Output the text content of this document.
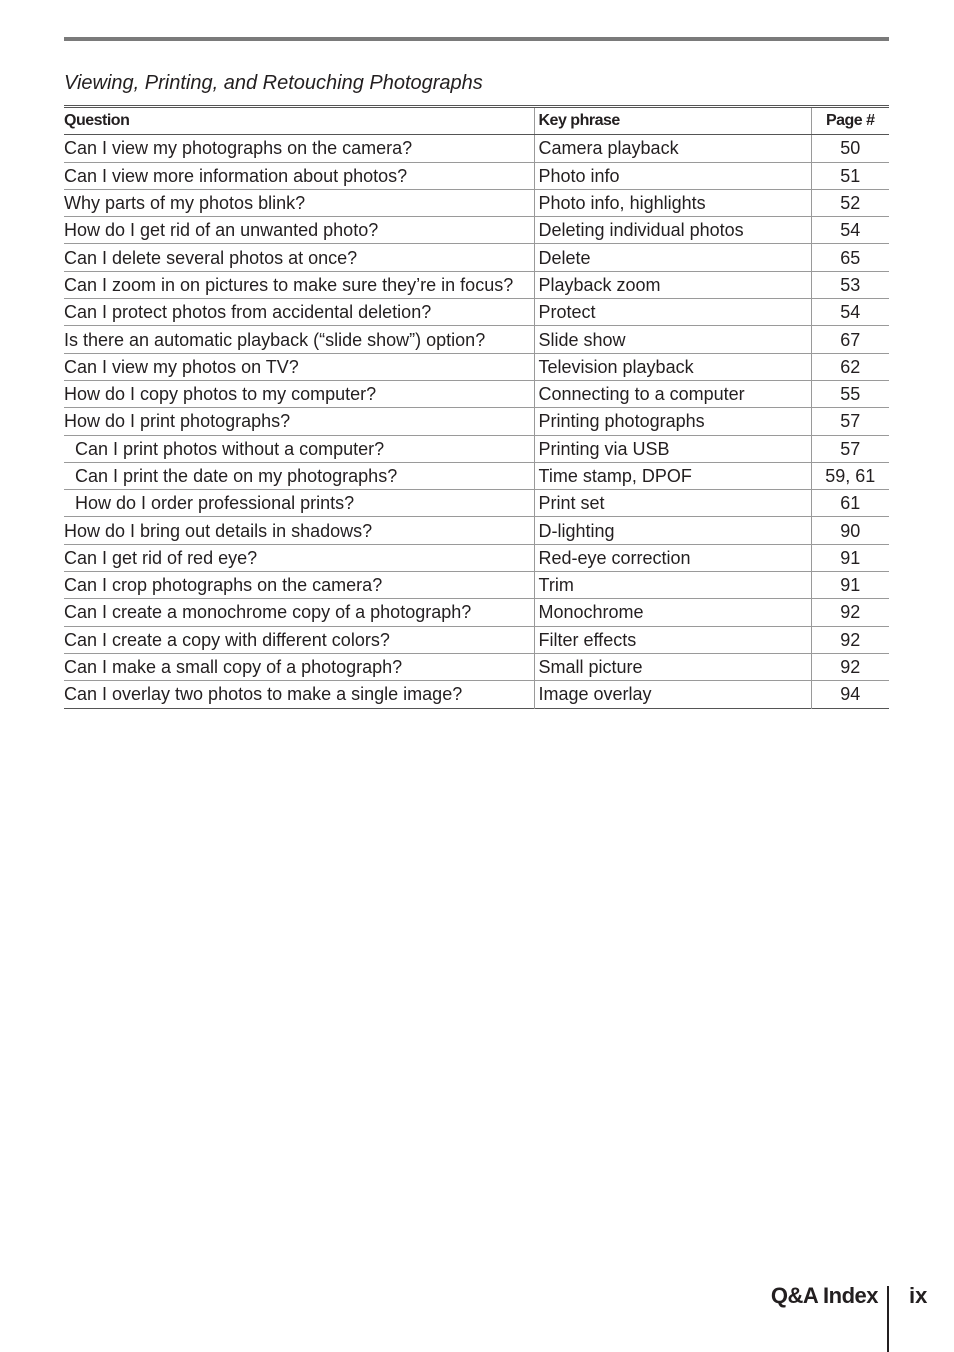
Viewing, Printing, and Retouching Photographs
Question	Key phrase	Page #
Can I view my photographs on the camera?	Camera playback	50
Can I view more information about photos?	Photo info	51
Why parts of my photos blink?	Photo info, highlights	52
How do I get rid of an unwanted photo?	Deleting individual photos	54
Can I delete several photos at once?	Delete	65
Can I zoom in on pictures to make sure they’re in focus?	Playback zoom	53
Can I protect photos from accidental deletion?	Protect	54
Is there an automatic playback (“slide show”) option?	Slide show	67
Can I view my photos on TV?	Television playback	62
How do I copy photos to my computer?	Connecting to a computer	55
How do I print photographs?	Printing photographs	57
Can I print photos without a computer?	Printing via USB	57
Can I print the date on my photographs?	Time stamp, DPOF	59, 61
How do I order professional prints?	Print set	61
How do I bring out details in shadows?	D-lighting	90
Can I get rid of red eye?	Red-eye correction	91
Can I crop photographs on the camera?	Trim	91
Can I create a monochrome copy of a photograph?	Monochrome	92
Can I create a copy with different colors?	Filter effects	92
Can I make a small copy of a photograph?	Small picture	92
Can I overlay two photos to make a single image?	Image overlay	94
Q&A Index ix
